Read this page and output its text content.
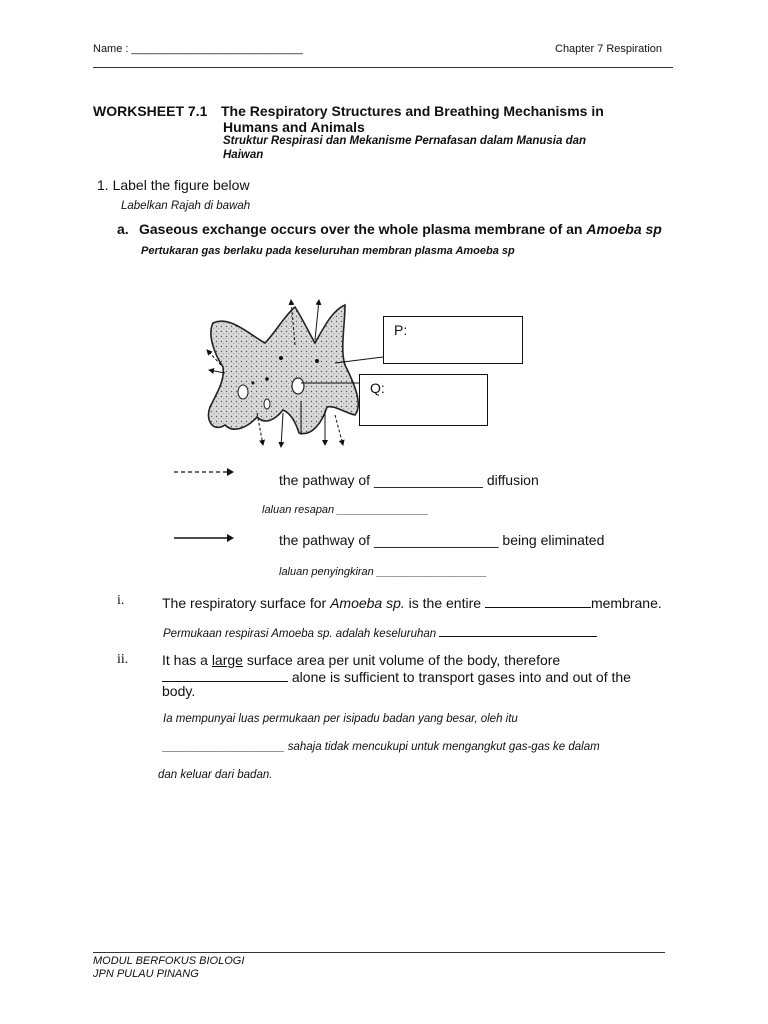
Name : ____________________________	Chapter 7 Respiration
WORKSHEET 7.1 The Respiratory Structures and Breathing Mechanisms in
Humans and Animals
Struktur Respirasi dan Mekanisme Pernafasan dalam Manusia dan
Haiwan
1. Label the figure below
Labelkan Rajah di bawah
a. Gaseous exchange occurs over the whole plasma membrane of an Amoeba sp
Pertukaran gas berlaku pada keseluruhan membran plasma Amoeba sp
P:
Q:
the pathway of ______________ diffusion
laluan resapan _______________
the pathway of ________________ being eliminated
laluan penyingkiran __________________
i.	The respiratory surface for Amoeba sp. is the entire	membrane.
Permukaan respirasi Amoeba sp. adalah keseluruhan
ii. It has a large surface area per unit volume of the body, therefore
alone is sufficient to transport gases into and out of the
body.
Ia mempunyai luas permukaan per isipadu badan yang besar, oleh itu
___________________ sahaja tidak mencukupi untuk mengangkut gas-gas ke dalam
dan keluar dari badan.
MODUL BERFOKUS BIOLOGI
JPN PULAU PINANG
